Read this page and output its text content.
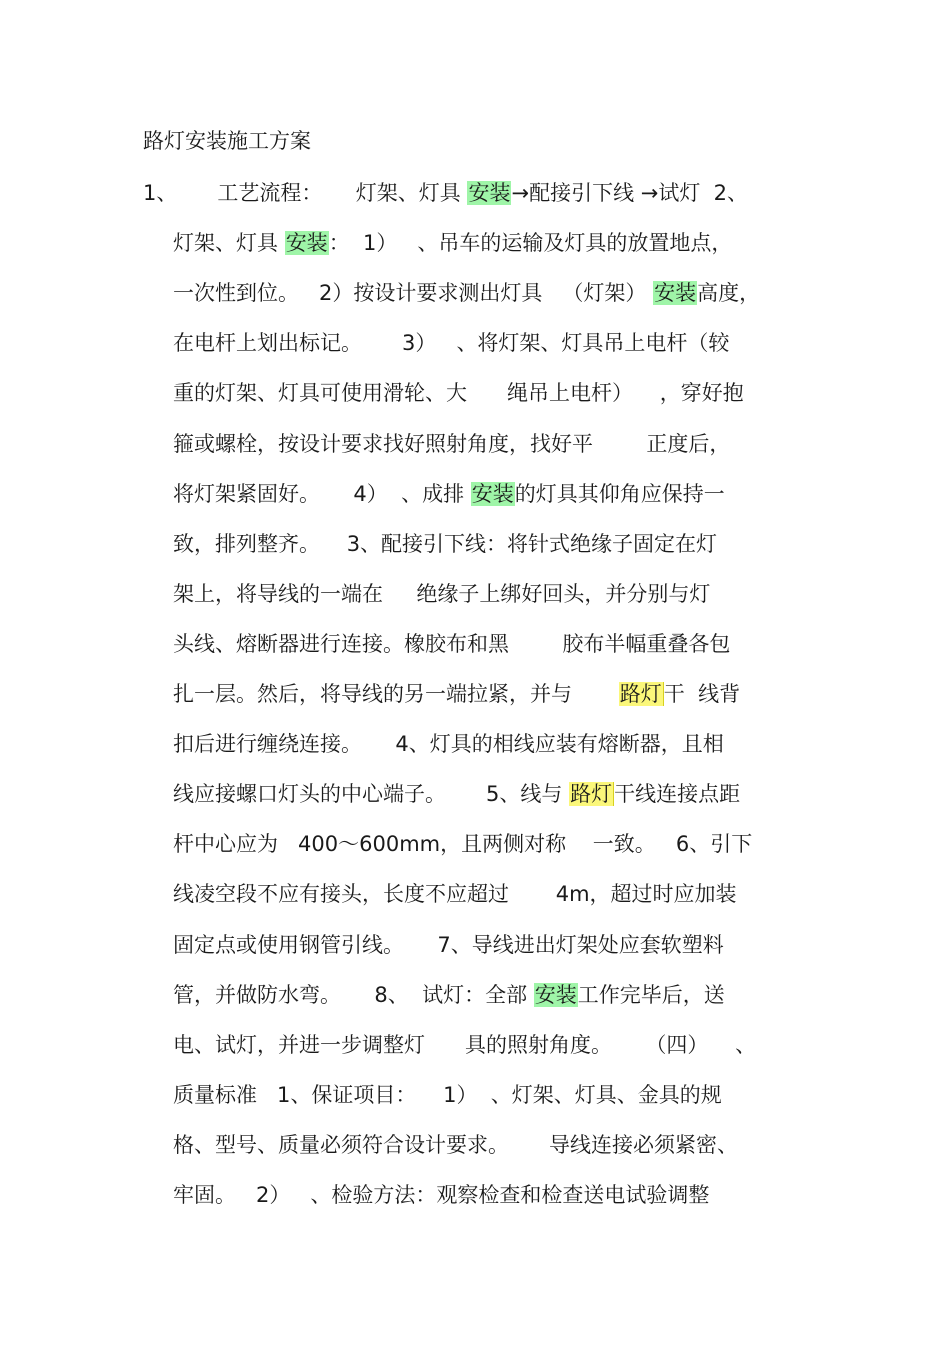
路灯安装施工方案
1、      工艺流程：     灯架、灯具 安装→配接引下线 →试灯  2、
灯架、灯具 安装：  1）   、吊车的运输及灯具的放置地点，
一次性到位。   2）按设计要求测出灯具   （灯架） 安装高度，
在电杆上划出标记。      3）   、将灯架、灯具吊上电杆（较
重的灯架、灯具可使用滑轮、大      绳吊上电杆）    ，穿好抱
箍或螺栓，按设计要求找好照射角度，找好平        正度后，
将灯架紧固好。     4）  、成排 安装的灯具其仰角应保持一
致，排列整齐。    3、配接引下线：将针式绝缘子固定在灯
架上，将导线的一端在     绝缘子上绑好回头，并分别与灯
头线、熔断器进行连接。橡胶布和黑        胶布半幅重叠各包
扎一层。然后，将导线的另一端拉紧，并与       路灯干  线背
扣后进行缠绕连接。     4、灯具的相线应装有熔断器，且相
线应接螺口灯头的中心端子。      5、线与 路灯干线连接点距
杆中心应为   400～600mm，且两侧对称    一致。   6、引下
线凌空段不应有接头，长度不应超过       4m，超过时应加装
固定点或使用钢管引线。     7、导线进出灯架处应套软塑料
管，并做防水弯。     8、  试灯：全部 安装工作完毕后，送
电、试灯，并进一步调整灯      具的照射角度。     （四）    、
质量标准   1、保证项目：    1）  、灯架、灯具、金具的规
格、型号、质量必须符合设计要求。      导线连接必须紧密、
牢固。   2）   、检验方法：观察检查和检查送电试验调整
